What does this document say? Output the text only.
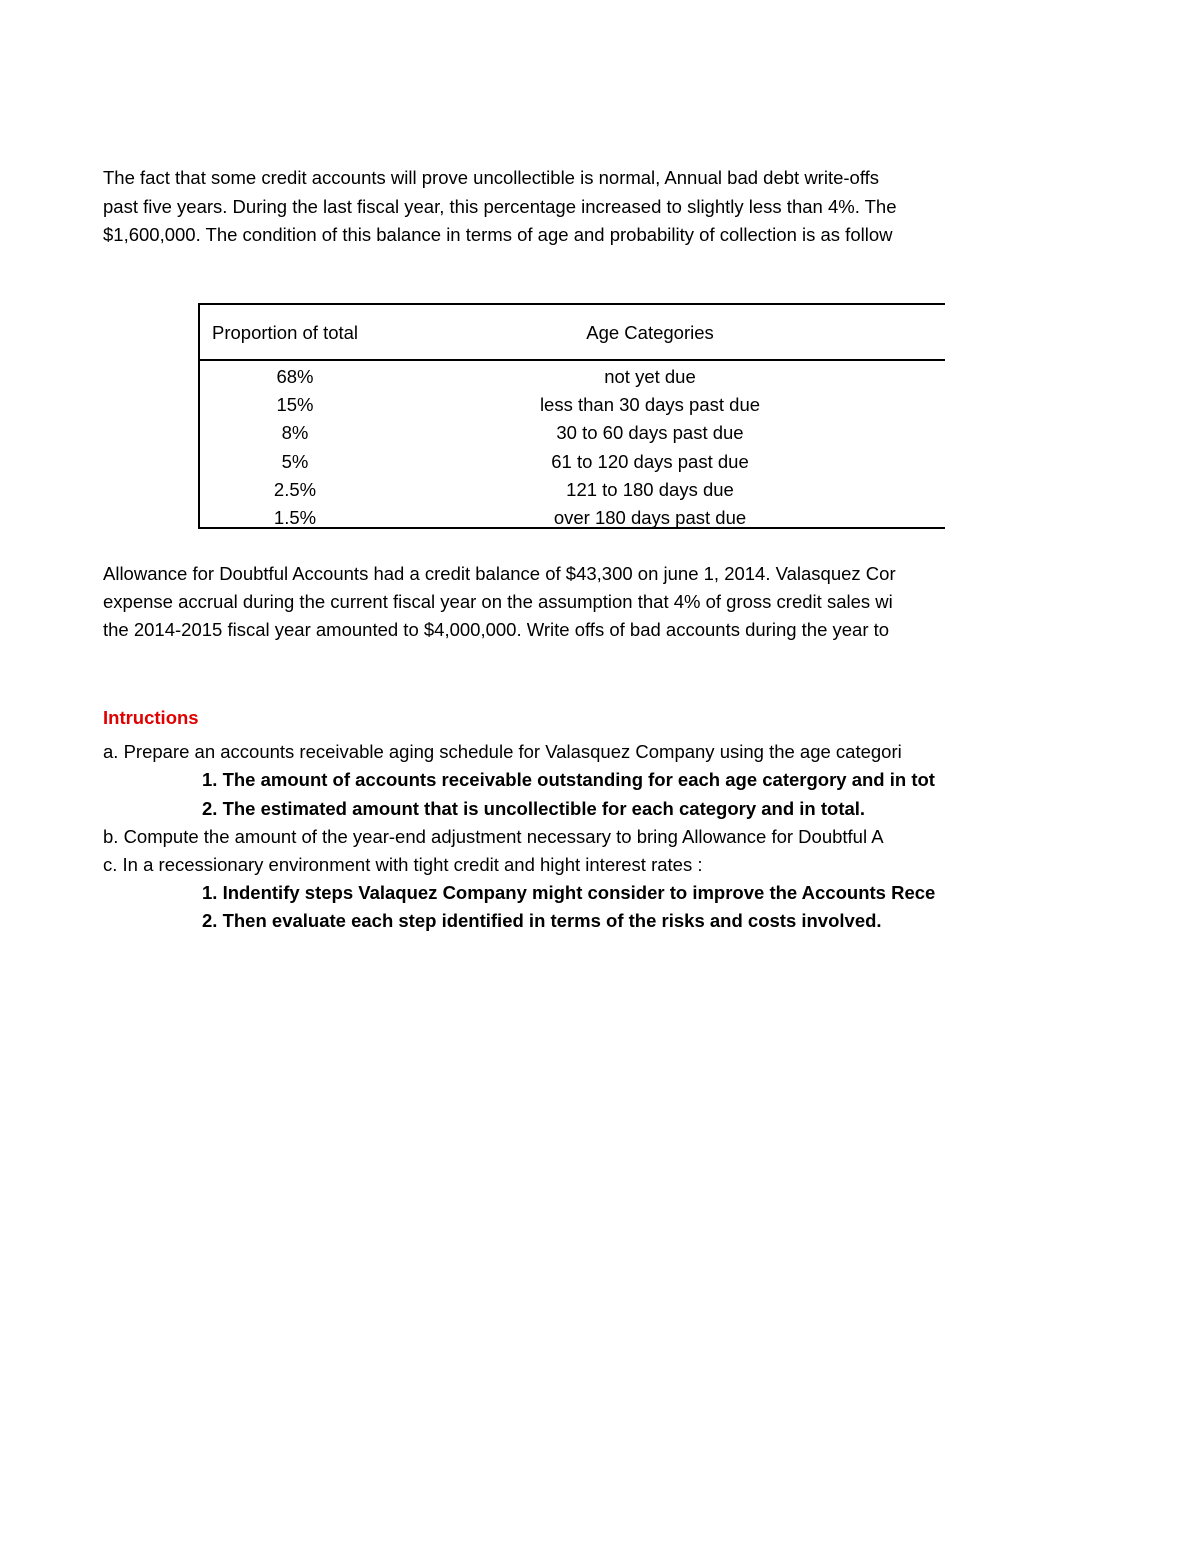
The fact that some credit accounts will prove uncollectible is normal, Annual bad debt write-offs
past five years. During the last fiscal year, this percentage increased to slightly less than 4%. The
$1,600,000. The condition of this balance in terms of age and probability of collection is as follow
Proportion of total	Age Categories
68%	not yet due
15%	less than 30 days past due
8%	30 to 60 days past due
5%	61 to 120 days past due
2.5%	121 to 180 days due
1.5%	over 180 days past due
Allowance for Doubtful Accounts had a credit balance of $43,300 on june 1, 2014. Valasquez Cor
expense accrual during the current fiscal year on the assumption that 4% of gross credit sales wi
the 2014-2015 fiscal year amounted to $4,000,000. Write offs of bad accounts during the year to
Intructions
a. Prepare an accounts receivable aging schedule for Valasquez Company using the age categori
1. The amount of accounts receivable outstanding for each age catergory and in tot
2. The estimated amount that is uncollectible for each category and in total.
b. Compute the amount of the year-end adjustment necessary to bring Allowance for Doubtful A
c. In a recessionary environment with tight credit and hight interest rates :
1. Indentify steps Valaquez Company might consider to improve the Accounts Rece
2. Then evaluate each step identified in terms of the risks and costs involved.
